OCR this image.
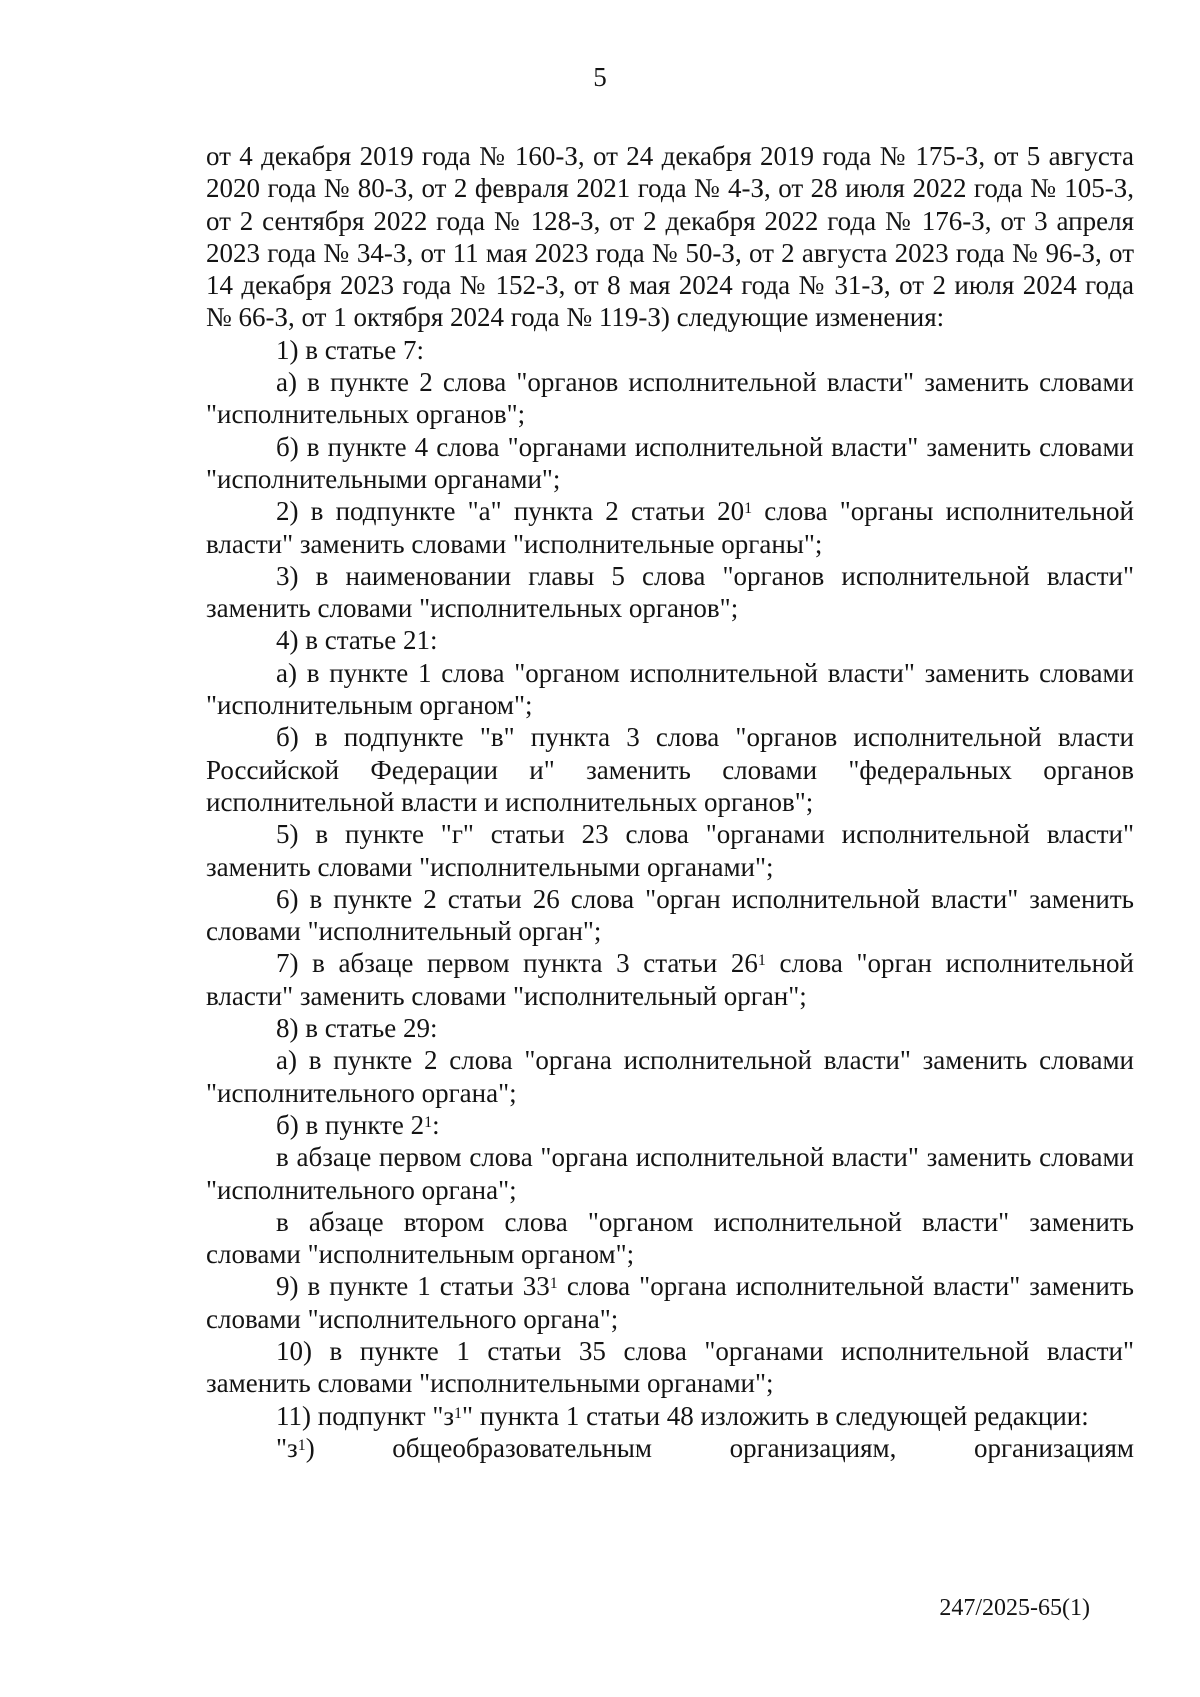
5

от 4 декабря 2019 года № 160-З, от 24 декабря 2019 года № 175-З, от 5 августа 2020 года № 80-З, от 2 февраля 2021 года № 4-З, от 28 июля 2022 года № 105-З, от 2 сентября 2022 года № 128-З, от 2 декабря 2022 года № 176-З, от 3 апреля 2023 года № 34-З, от 11 мая 2023 года № 50-З, от 2 августа 2023 года № 96-З, от 14 декабря 2023 года № 152-З, от 8 мая 2024 года № 31-З, от 2 июля 2024 года № 66-З, от 1 октября 2024 года № 119-З) следующие изменения:

1) в статье 7:

а) в пункте 2 слова "органов исполнительной власти" заменить словами "исполнительных органов";

б) в пункте 4 слова "органами исполнительной власти" заменить словами "исполнительными органами";

2) в подпункте "а" пункта 2 статьи $20^1$ слова "органы исполнительной власти" заменить словами "исполнительные органы";

3) в наименовании главы 5 слова "органов исполнительной власти" заменить словами "исполнительных органов";

4) в статье 21:

а) в пункте 1 слова "органом исполнительной власти" заменить словами "исполнительным органом";

б) в подпункте "в" пункта 3 слова "органов исполнительной власти Российской Федерации и" заменить словами "федеральных органов исполнительной власти и исполнительных органов";

5) в пункте "г" статьи 23 слова "органами исполнительной власти" заменить словами "исполнительными органами";

6) в пункте 2 статьи 26 слова "орган исполнительной власти" заменить словами "исполнительный орган";

7) в абзаце первом пункта 3 статьи $26^1$ слова "орган исполнительной власти" заменить словами "исполнительный орган";

8) в статье 29:

а) в пункте 2 слова "органа исполнительной власти" заменить словами "исполнительного органа";

б) в пункте $2^1$:

в абзаце первом слова "органа исполнительной власти" заменить словами "исполнительного органа";

в абзаце втором слова "органом исполнительной власти" заменить словами "исполнительным органом";

9) в пункте 1 статьи $33^1$ слова "органа исполнительной власти" заменить словами "исполнительного органа";

10) в пункте 1 статьи 35 слова "органами исполнительной власти" заменить словами "исполнительными органами";

11) подпункт "$з^1$" пункта 1 статьи 48 изложить в следующей редакции:

"$з^1$) общеобразовательным организациям, организациям

247/2025-65(1)
